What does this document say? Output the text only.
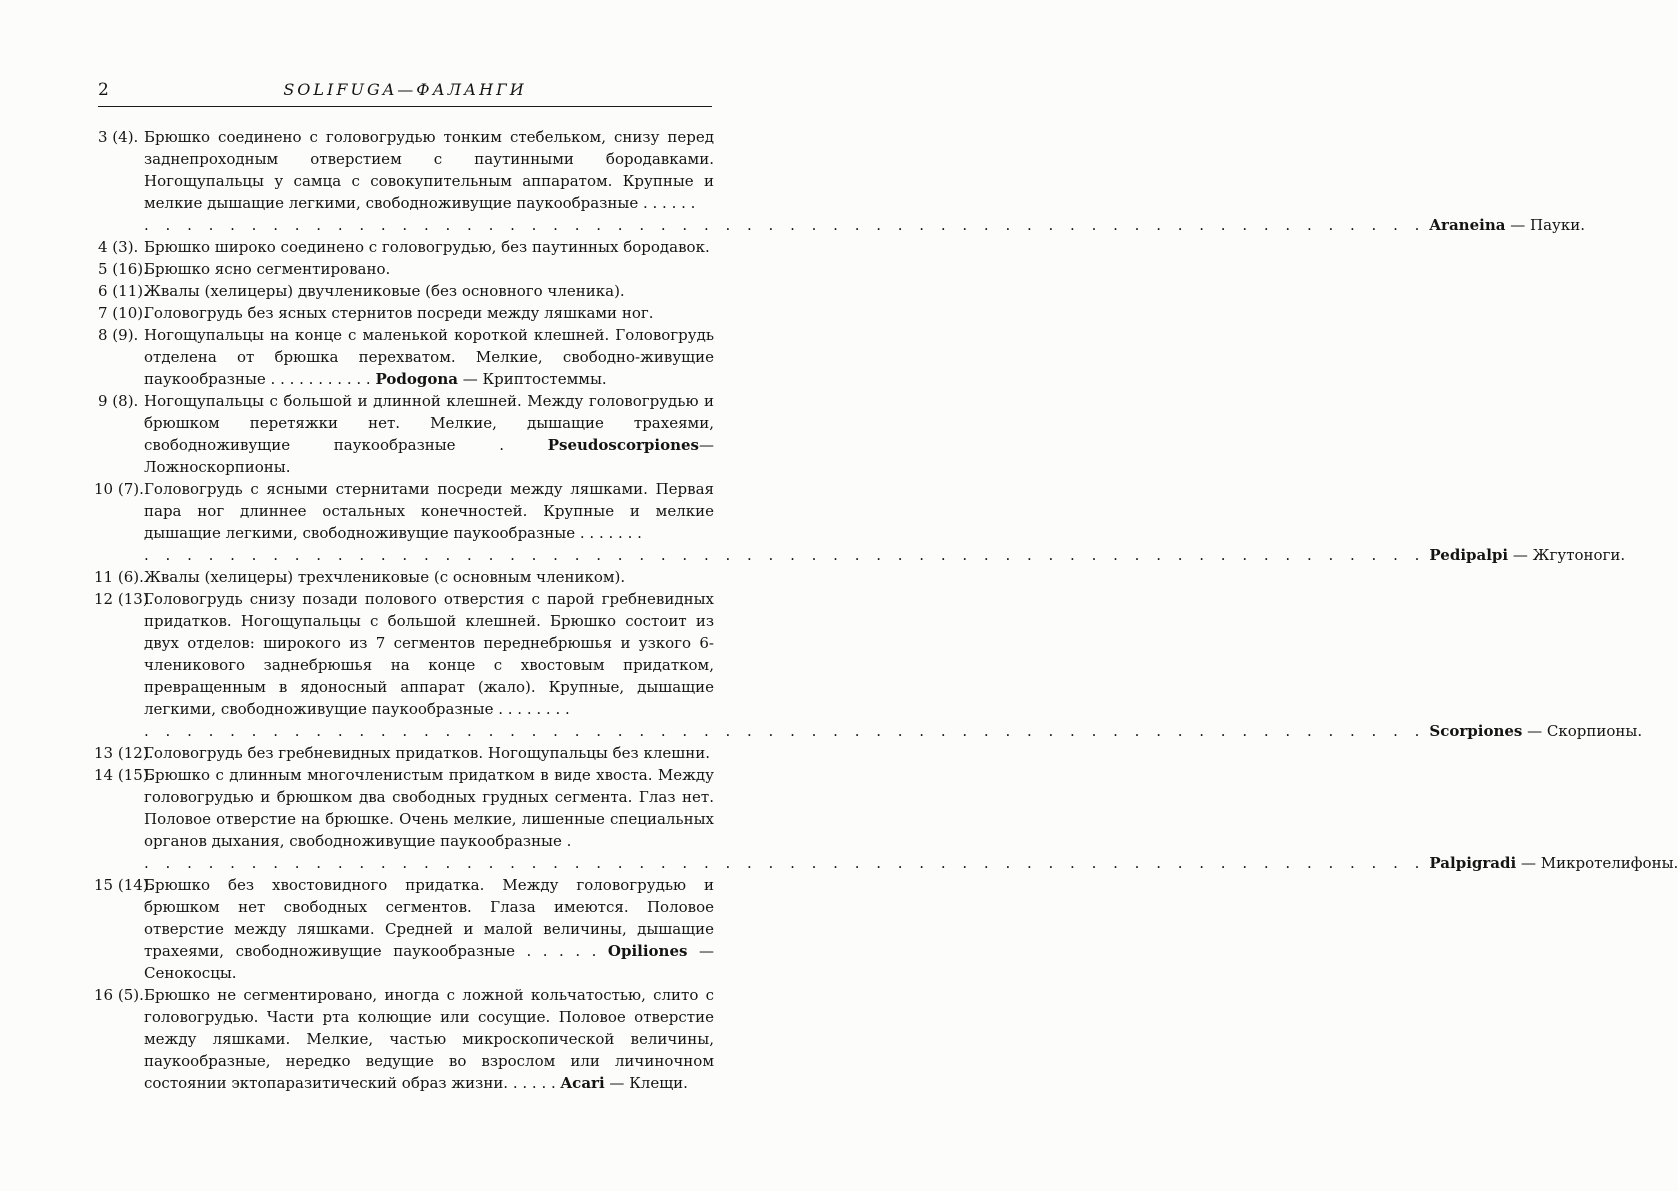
2	SOLIFUGA—ФАЛАНГИ
3 (4). Брюшко соединено с головогрудью тонким стебельком, снизу перед заднепроходным отверстием с паутинными бородавками. Ногощупальцы у самца с совокупительным аппаратом. Крупные и мелкие дышащие легкими, свободноживущие паукообразные . . . . . .
. . . . . . . . . . . . . . . . . . . . . . . . . . . . . . . . . . . . . . . . . . . . . . . . . . . . . . . . . . . . Araneina — Пауки.
4 (3). Брюшко широко соединено с головогрудью, без паутинных бородавок.
5 (16).
Брюшко ясно сегментировано.
6 (11).
Жвалы (хелицеры) двучлениковые (без основного членика).
7 (10).
Головогрудь без ясных стернитов посреди между ляшками ног.
8 (9). Ногощупальцы на конце с маленькой короткой клешней. Головогрудь отделена от брюшка перехватом. Мелкие, свободно-живущие паукообразные . . . . . . . . . . . Podogona — Криптостеммы.
9 (8). Ногощупальцы с большой и длинной клешней. Между головогрудью и брюшком перетяжки нет. Мелкие, дышащие трахеями, свободноживущие паукообразные .	Pseudoscorpiones—Ложноскорпионы.
10 (7). Головогрудь с ясными стернитами посреди между ляшками. Первая пара ног длиннее остальных конечностей. Крупные и мелкие дышащие легкими, свободноживущие паукообразные . . . . . . .
. . . . . . . . . . . . . . . . . . . . . . . . . . . . . . . . . . . . . . . . . . . . . . . . . . . . . . . . . . . . Pedipalpi — Жгутоноги.
11 (6). Жвалы (хелицеры) трехчлениковые (с основным члеником).
12 (13).
Головогрудь снизу позади полового отверстия с парой гребневидных придатков. Ногощупальцы с большой клешней. Брюшко состоит из двух отделов: широкого из 7 сегментов переднебрюшья и узкого 6-членикового заднебрюшья на конце с хвостовым придатком, превращенным в ядоносный аппарат (жало). Крупные, дышащие легкими, свободноживущие паукообразные . . . . . . . .
. . . . . . . . . . . . . . . . . . . . . . . . . . . . . . . . . . . . . . . . . . . . . . . . . . . . . . . . . . . . Scorpiones — Скорпионы.
13 (12).
Головогрудь без гребневидных придатков. Ногощупальцы без клешни.
14 (15).
Брюшко с длинным многочленистым придатком в виде хвоста. Между головогрудью и брюшком два свободных грудных сегмента. Глаз нет. Половое отверстие на брюшке. Очень мелкие, лишенные специальных органов дыхания, свободноживущие паукообразные .
. . . . . . . . . . . . . . . . . . . . . . . . . . . . . . . . . . . . . . . . . . . . . . . . . . . . . . . . . . . . Palpigradi — Микротелифоны.
15 (14).
Брюшко без хвостовидного придатка. Между головогрудью и брюшком нет свободных сегментов. Глаза имеются. Половое отверстие между ляшками. Средней и малой величины, дышащие трахеями, свободноживущие паукообразные . . . . . Opiliones — Сенокосцы.
16 (5). Брюшко не сегментировано, иногда с ложной кольчатостью, слито с головогрудью. Части рта колющие или сосущие. Половое отверстие между ляшками. Мелкие, частью микроскопической величины, паукообразные, нередко ведущие во взрослом или личиночном состоянии эктопаразитический образ жизни. . . . . . Acari — Клещи.
